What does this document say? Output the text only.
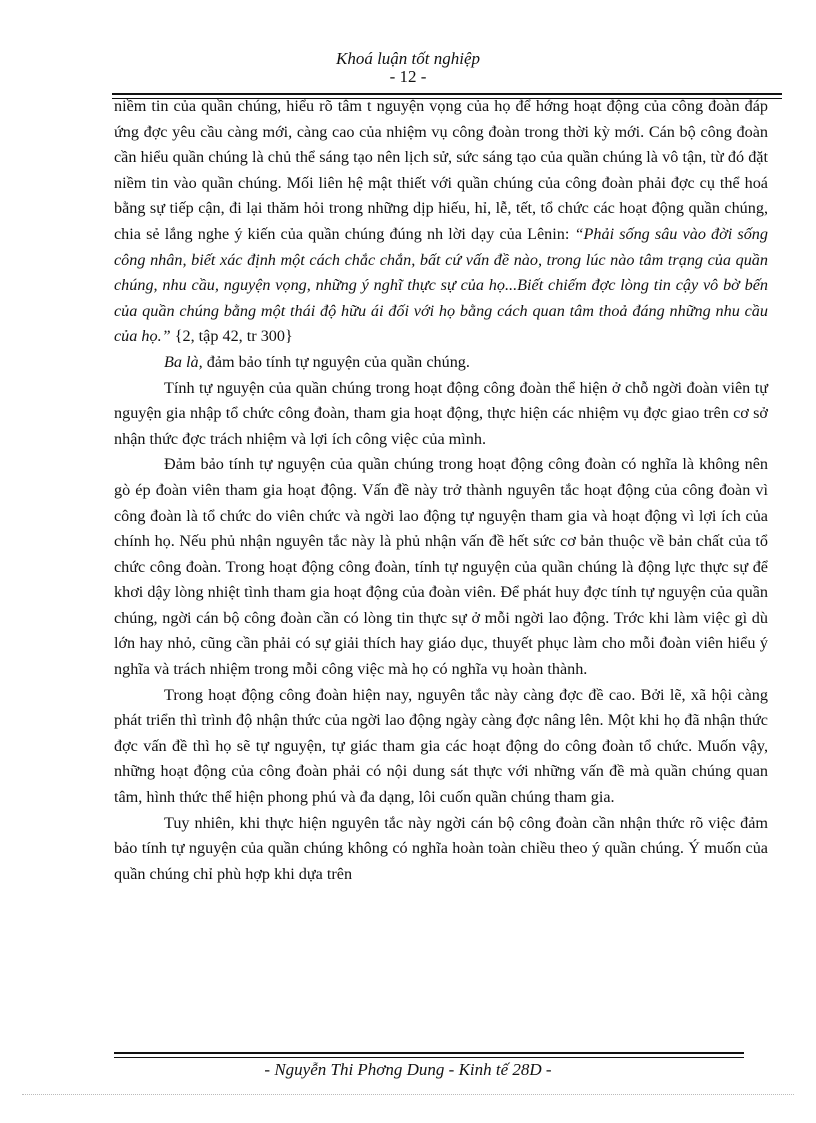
Khoá luận tốt nghiệp
- 12 -

niềm tin của quần chúng, hiểu rõ tâm t nguyện vọng của họ để hớng hoạt động của công đoàn đáp ứng đợc yêu cầu càng mới, càng cao của nhiệm vụ công đoàn trong thời kỳ mới. Cán bộ công đoàn cần hiểu quần chúng là chủ thể sáng tạo nên lịch sử, sức sáng tạo của quần chúng là vô tận, từ đó đặt niềm tin vào quần chúng. Mối liên hệ mật thiết với quần chúng của công đoàn phải đợc cụ thể hoá bằng sự tiếp cận, đi lại thăm hỏi trong những dịp hiếu, hỉ, lễ, tết, tổ chức các hoạt động quần chúng, chia sẻ lắng nghe ý kiến của quần chúng đúng nh lời dạy của Lênin: “Phải sống sâu vào đời sống công nhân, biết xác định một cách chắc chắn, bất cứ vấn đề nào, trong lúc nào tâm trạng của quần chúng, nhu cầu, nguyện vọng, những ý nghĩ thực sự của họ...Biết chiếm đợc lòng tin cậy vô bờ bến của quần chúng bằng một thái độ hữu ái đối với họ bằng cách quan tâm thoả đáng những nhu cầu của họ.” {2, tập 42, tr 300}

Ba là, đảm bảo tính tự nguyện của quần chúng.

Tính tự nguyện của quần chúng trong hoạt động công đoàn thể hiện ở chỗ ngời đoàn viên tự nguyện gia nhập tổ chức công đoàn, tham gia hoạt động, thực hiện các nhiệm vụ đợc giao trên cơ sở nhận thức đợc trách nhiệm và lợi ích công việc của mình.

Đảm bảo tính tự nguyện của quần chúng trong hoạt động công đoàn có nghĩa là không nên gò ép đoàn viên tham gia hoạt động. Vấn đề này trở thành nguyên tắc hoạt động của công đoàn vì công đoàn là tổ chức do viên chức và ngời lao động tự nguyện tham gia và hoạt động vì lợi ích của chính họ. Nếu phủ nhận nguyên tắc này là phủ nhận vấn đề hết sức cơ bản thuộc về bản chất của tổ chức công đoàn. Trong hoạt động công đoàn, tính tự nguyện của quần chúng là động lực thực sự để khơi dậy lòng nhiệt tình tham gia hoạt động của đoàn viên. Để phát huy đợc tính tự nguyện của quần chúng, ngời cán bộ công đoàn cần có lòng tin thực sự ở mỗi ngời lao động. Trớc khi làm việc gì dù lớn hay nhỏ, cũng cần phải có sự giải thích hay giáo dục, thuyết phục làm cho mỗi đoàn viên hiểu ý nghĩa và trách nhiệm trong mỗi công việc mà họ có nghĩa vụ hoàn thành.

Trong hoạt động công đoàn hiện nay, nguyên tắc này càng đợc đề cao. Bởi lẽ, xã hội càng phát triển thì trình độ nhận thức của ngời lao động ngày càng đợc nâng lên. Một khi họ đã nhận thức đợc vấn đề thì họ sẽ tự nguyện, tự giác tham gia các hoạt động do công đoàn tổ chức. Muốn vậy, những hoạt động của công đoàn phải có nội dung sát thực với những vấn đề mà quần chúng quan tâm, hình thức thể hiện phong phú và đa dạng, lôi cuốn quần chúng tham gia.

Tuy nhiên, khi thực hiện nguyên tắc này ngời cán bộ công đoàn cần nhận thức rõ việc đảm bảo tính tự nguyện của quần chúng không có nghĩa hoàn toàn chiều theo ý quần chúng. Ý muốn của quần chúng chỉ phù hợp khi dựa trên

- Nguyễn Thi Phơng Dung - Kinh tế 28D -
